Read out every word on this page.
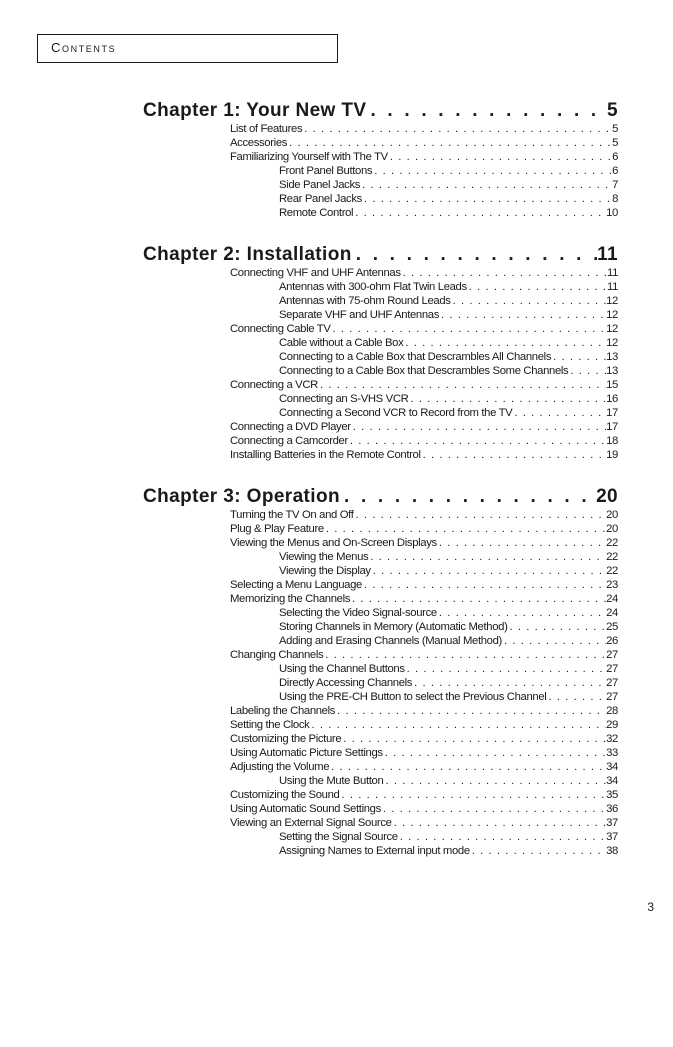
Contents
Chapter 1: Your New TV . . .	5
List of Features . . .	5
Accessories . . .	5
Familiarizing Yourself with The TV . . .	6
Front Panel Buttons . . .	6
Side Panel Jacks . . .	7
Rear Panel Jacks . . .	8
Remote Control . . .	10
Chapter 2: Installation . . .	11
Connecting VHF and UHF Antennas . . .	11
Antennas with 300-ohm Flat Twin Leads . . .	11
Antennas with 75-ohm Round Leads . . .	12
Separate VHF and UHF Antennas . . .	12
Connecting Cable TV . . .	12
Cable without a Cable Box . . .	12
Connecting to a Cable Box that Descrambles All Channels . . .	13
Connecting to a Cable Box that Descrambles Some Channels . . .	13
Connecting a VCR . . .	15
Connecting an S-VHS VCR . . .	16
Connecting a Second VCR to Record from the TV . . .	17
Connecting a DVD Player . . .	17
Connecting a Camcorder . . .	18
Installing Batteries in the Remote Control . . .	19
Chapter 3: Operation . . .	20
Turning the TV On and Off . . .	20
Plug & Play Feature . . .	20
Viewing the Menus and On-Screen Displays . . .	22
Viewing the Menus . . .	22
Viewing the Display . . .	22
Selecting a Menu Language . . .	23
Memorizing the Channels . . .	24
Selecting the Video Signal-source . . .	24
Storing Channels in Memory (Automatic Method) . . .	25
Adding and Erasing Channels (Manual Method) . . .	26
Changing Channels . . .	27
Using the Channel Buttons . . .	27
Directly Accessing Channels . . .	27
Using the PRE-CH Button to select the Previous Channel . . .	27
Labeling the Channels . . .	28
Setting the Clock . . .	29
Customizing the Picture . . .	32
Using Automatic Picture Settings . . .	33
Adjusting the Volume . . .	34
Using the Mute Button . . .	34
Customizing the Sound . . .	35
Using Automatic Sound Settings . . .	36
Viewing an External Signal Source . . .	37
Setting the Signal Source . . .	37
Assigning Names to External input mode . . .	38
3
